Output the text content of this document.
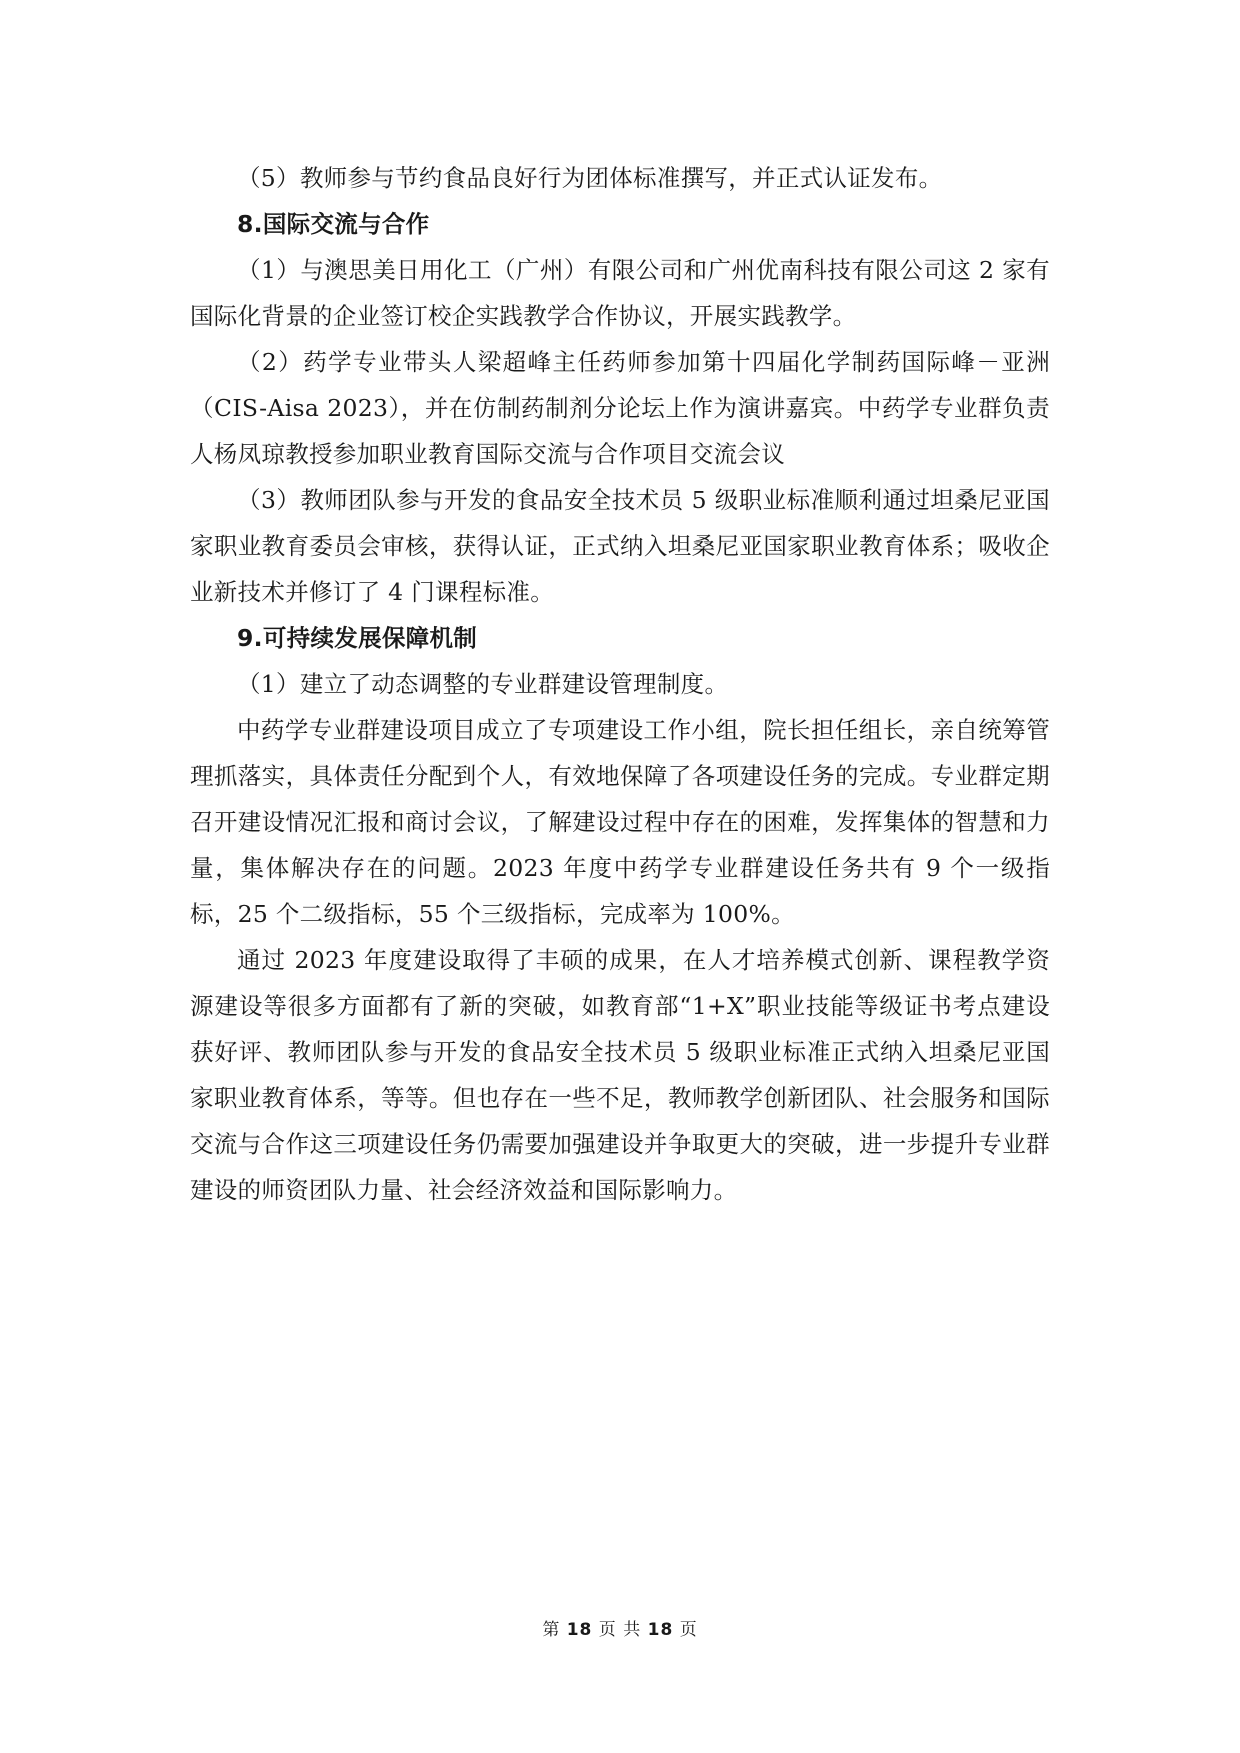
（5）教师参与节约食品良好行为团体标准撰写，并正式认证发布。

8.国际交流与合作

（1）与澳思美日用化工（广州）有限公司和广州优南科技有限公司这 2 家有国际化背景的企业签订校企实践教学合作协议，开展实践教学。

（2）药学专业带头人梁超峰主任药师参加第十四届化学制药国际峰－亚洲（CIS-Aisa 2023），并在仿制药制剂分论坛上作为演讲嘉宾。中药学专业群负责人杨凤琼教授参加职业教育国际交流与合作项目交流会议

（3）教师团队参与开发的食品安全技术员 5 级职业标准顺利通过坦桑尼亚国家职业教育委员会审核，获得认证，正式纳入坦桑尼亚国家职业教育体系；吸收企业新技术并修订了 4 门课程标准。

9.可持续发展保障机制

（1）建立了动态调整的专业群建设管理制度。

中药学专业群建设项目成立了专项建设工作小组，院长担任组长，亲自统筹管理抓落实，具体责任分配到个人，有效地保障了各项建设任务的完成。专业群定期召开建设情况汇报和商讨会议，了解建设过程中存在的困难，发挥集体的智慧和力量，集体解决存在的问题。2023 年度中药学专业群建设任务共有 9 个一级指标，25 个二级指标，55 个三级指标，完成率为 100%。

通过 2023 年度建设取得了丰硕的成果，在人才培养模式创新、课程教学资源建设等很多方面都有了新的突破，如教育部“1+X”职业技能等级证书考点建设获好评、教师团队参与开发的食品安全技术员 5 级职业标准正式纳入坦桑尼亚国家职业教育体系，等等。但也存在一些不足，教师教学创新团队、社会服务和国际交流与合作这三项建设任务仍需要加强建设并争取更大的突破，进一步提升专业群建设的师资团队力量、社会经济效益和国际影响力。

第 18 页 共 18 页
